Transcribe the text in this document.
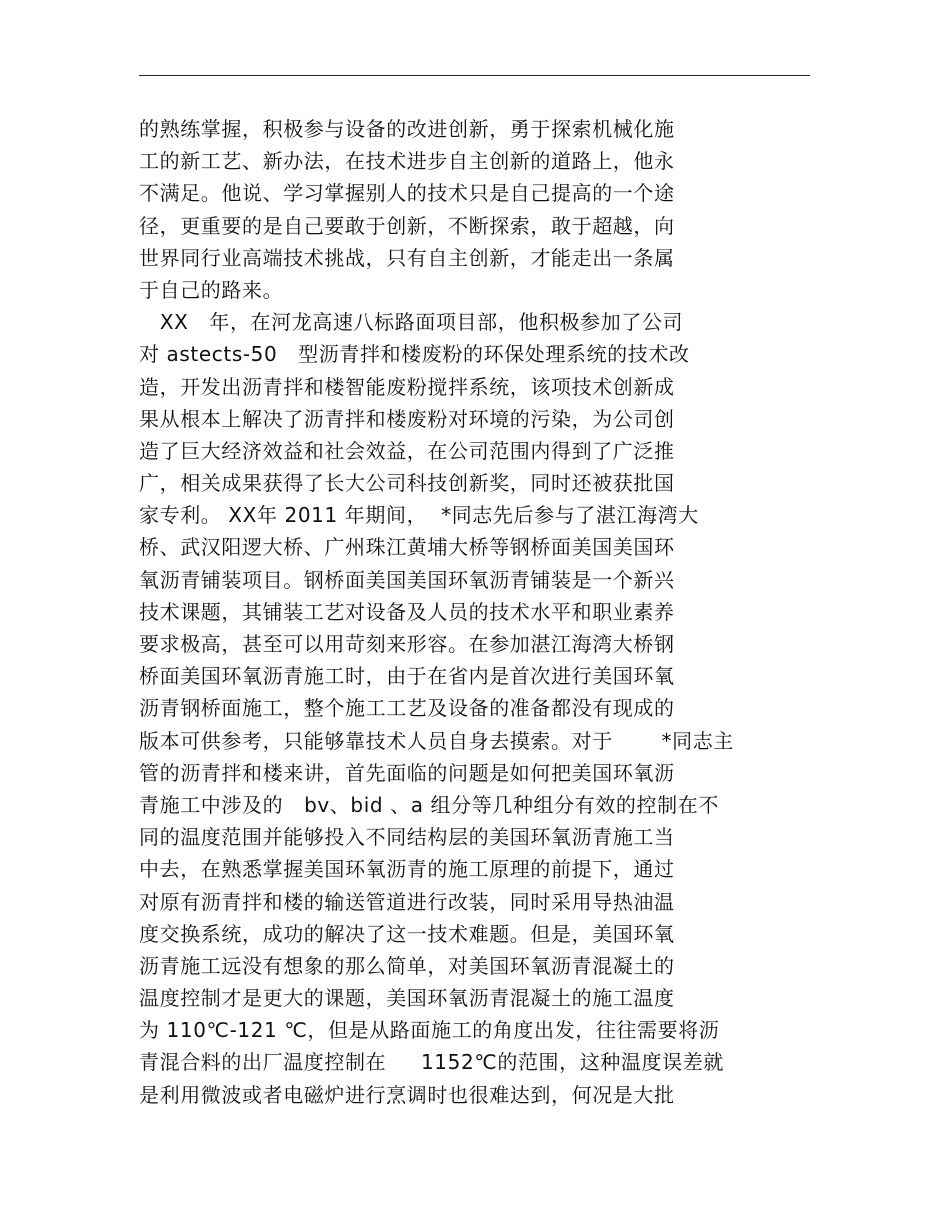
的熟练掌握，积极参与设备的改进创新，勇于探索机械化施
工的新工艺、新办法，在技术进步自主创新的道路上，他永
不满足。他说、学习掌握别人的技术只是自己提高的一个途
径，更重要的是自己要敢于创新，不断探索，敢于超越，向
世界同行业高端技术挑战，只有自主创新，才能走出一条属
于自己的路来。
XX   年，在河龙高速八标路面项目部，他积极参加了公司
对 astects-50   型沥青拌和楼废粉的环保处理系统的技术改
造，开发出沥青拌和楼智能废粉搅拌系统，该项技术创新成
果从根本上解决了沥青拌和楼废粉对环境的污染，为公司创
造了巨大经济效益和社会效益，在公司范围内得到了广泛推
广，相关成果获得了长大公司科技创新奖，同时还被获批国
家专利。 XX年 2011 年期间，  *同志先后参与了湛江海湾大
桥、武汉阳逻大桥、广州珠江黄埔大桥等钢桥面美国美国环
氧沥青铺装项目。钢桥面美国美国环氧沥青铺装是一个新兴
技术课题，其铺装工艺对设备及人员的技术水平和职业素养
要求极高，甚至可以用苛刻来形容。在参加湛江海湾大桥钢
桥面美国环氧沥青施工时，由于在省内是首次进行美国环氧
沥青钢桥面施工，整个施工工艺及设备的准备都没有现成的
版本可供参考，只能够靠技术人员自身去摸索。对于       *同志主
管的沥青拌和楼来讲，首先面临的问题是如何把美国环氧沥
青施工中涉及的   bv、bid 、a 组分等几种组分有效的控制在不
同的温度范围并能够投入不同结构层的美国环氧沥青施工当
中去，在熟悉掌握美国环氧沥青的施工原理的前提下，通过
对原有沥青拌和楼的输送管道进行改装，同时采用导热油温
度交换系统，成功的解决了这一技术难题。但是，美国环氧
沥青施工远没有想象的那么简单，对美国环氧沥青混凝土的
温度控制才是更大的课题，美国环氧沥青混凝土的施工温度
为 110℃-121 ℃，但是从路面施工的角度出发，往往需要将沥
青混合料的出厂温度控制在     1152℃的范围，这种温度误差就
是利用微波或者电磁炉进行烹调时也很难达到，何况是大批
